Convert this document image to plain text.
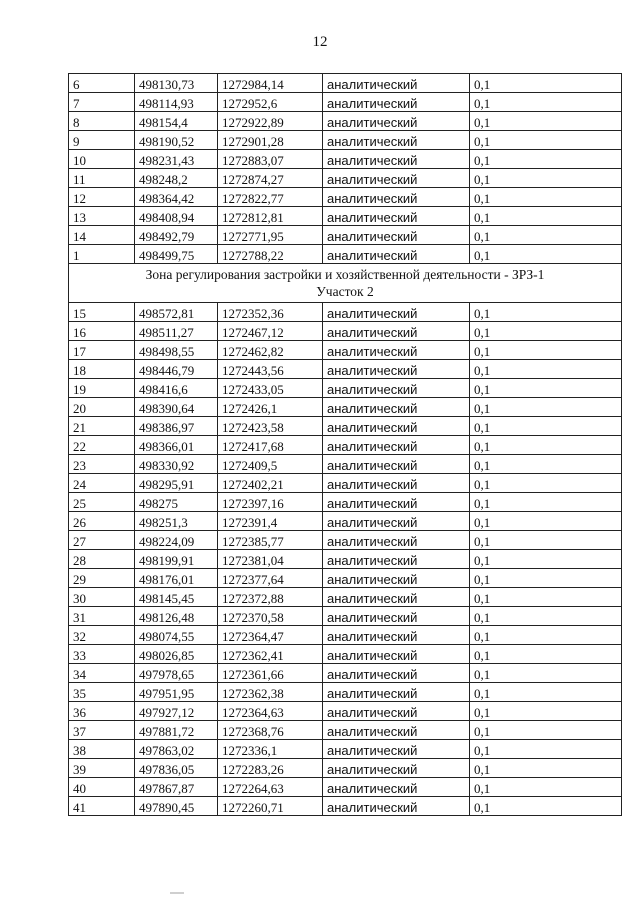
12
6	498130,73	1272984,14	аналитический	0,1
7	498114,93	1272952,6	аналитический	0,1
8	498154,4	1272922,89	аналитический	0,1
9	498190,52	1272901,28	аналитический	0,1
10	498231,43	1272883,07	аналитический	0,1
11	498248,2	1272874,27	аналитический	0,1
12	498364,42	1272822,77	аналитический	0,1
13	498408,94	1272812,81	аналитический	0,1
14	498492,79	1272771,95	аналитический	0,1
1	498499,75	1272788,22	аналитический	0,1

Зона регулирования застройки и хозяйственной деятельности - ЗРЗ-1
Участок 2				

15	498572,81	1272352,36	аналитический	0,1
16	498511,27	1272467,12	аналитический	0,1
17	498498,55	1272462,82	аналитический	0,1
18	498446,79	1272443,56	аналитический	0,1
19	498416,6	1272433,05	аналитический	0,1
20	498390,64	1272426,1	аналитический	0,1
21	498386,97	1272423,58	аналитический	0,1
22	498366,01	1272417,68	аналитический	0,1
23	498330,92	1272409,5	аналитический	0,1
24	498295,91	1272402,21	аналитический	0,1
25	498275	1272397,16	аналитический	0,1
26	498251,3	1272391,4	аналитический	0,1
27	498224,09	1272385,77	аналитический	0,1
28	498199,91	1272381,04	аналитический	0,1
29	498176,01	1272377,64	аналитический	0,1
30	498145,45	1272372,88	аналитический	0,1
31	498126,48	1272370,58	аналитический	0,1
32	498074,55	1272364,47	аналитический	0,1
33	498026,85	1272362,41	аналитический	0,1
34	497978,65	1272361,66	аналитический	0,1
35	497951,95	1272362,38	аналитический	0,1
36	497927,12	1272364,63	аналитический	0,1
37	497881,72	1272368,76	аналитический	0,1
38	497863,02	1272336,1	аналитический	0,1
39	497836,05	1272283,26	аналитический	0,1
40	497867,87	1272264,63	аналитический	0,1
41	497890,45	1272260,71	аналитический	0,1
